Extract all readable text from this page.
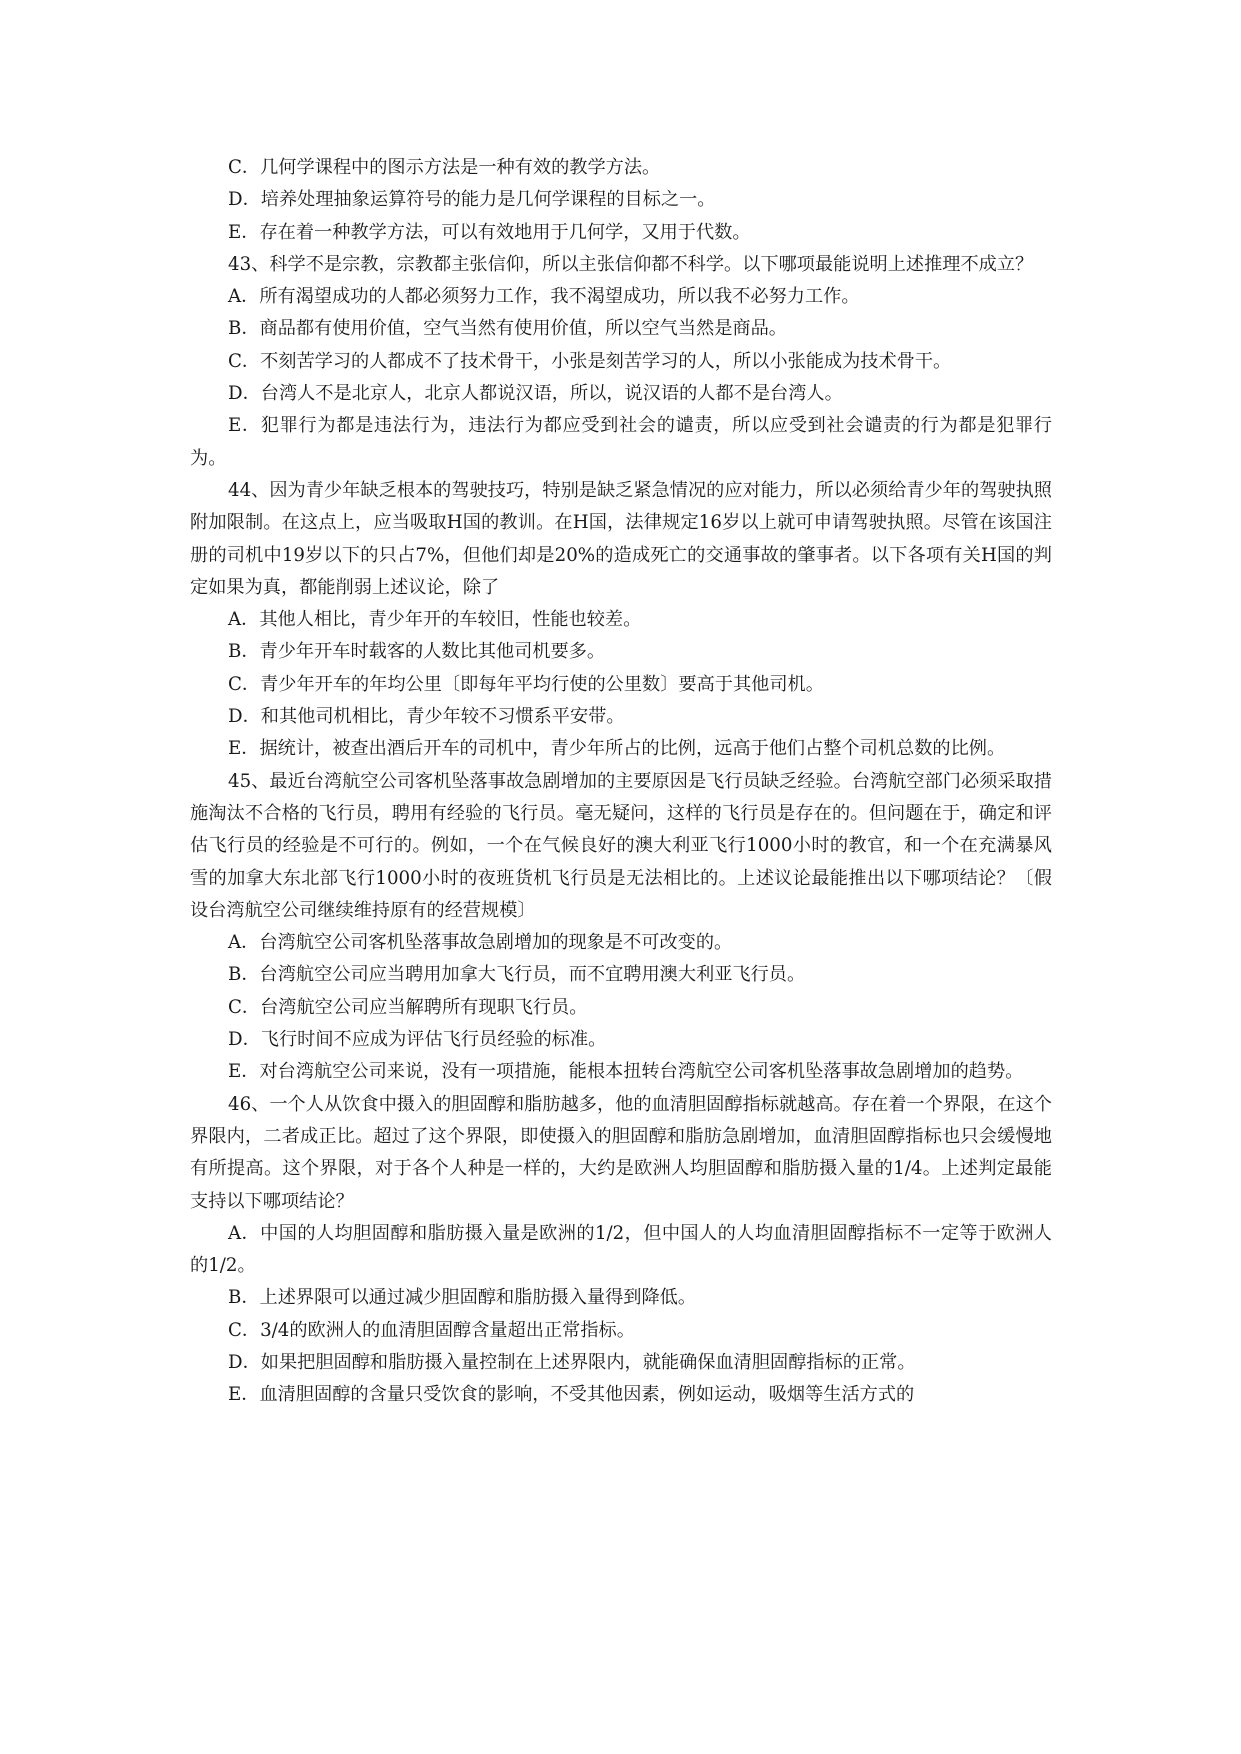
C．几何学课程中的图示方法是一种有效的教学方法。

D．培养处理抽象运算符号的能力是几何学课程的目标之一。

E．存在着一种教学方法，可以有效地用于几何学，又用于代数。

43、科学不是宗教，宗教都主张信仰，所以主张信仰都不科学。以下哪项最能说明上述推理不成立？

A．所有渴望成功的人都必须努力工作，我不渴望成功，所以我不必努力工作。

B．商品都有使用价值，空气当然有使用价值，所以空气当然是商品。

C．不刻苦学习的人都成不了技术骨干，小张是刻苦学习的人，所以小张能成为技术骨干。

D．台湾人不是北京人，北京人都说汉语，所以，说汉语的人都不是台湾人。

E．犯罪行为都是违法行为，违法行为都应受到社会的谴责，所以应受到社会谴责的行为都是犯罪行为。

44、因为青少年缺乏根本的驾驶技巧，特别是缺乏紧急情况的应对能力，所以必须给青少年的驾驶执照附加限制。在这点上，应当吸取H国的教训。在H国，法律规定16岁以上就可申请驾驶执照。尽管在该国注册的司机中19岁以下的只占7%，但他们却是20%的造成死亡的交通事故的肇事者。以下各项有关H国的判定如果为真，都能削弱上述议论，除了

A．其他人相比，青少年开的车较旧，性能也较差。

B．青少年开车时载客的人数比其他司机要多。

C．青少年开车的年均公里〔即每年平均行使的公里数〕要高于其他司机。

D．和其他司机相比，青少年较不习惯系平安带。

E．据统计，被查出酒后开车的司机中，青少年所占的比例，远高于他们占整个司机总数的比例。

45、最近台湾航空公司客机坠落事故急剧增加的主要原因是飞行员缺乏经验。台湾航空部门必须采取措施淘汰不合格的飞行员，聘用有经验的飞行员。毫无疑问，这样的飞行员是存在的。但问题在于，确定和评估飞行员的经验是不可行的。例如，一个在气候良好的澳大利亚飞行1000小时的教官，和一个在充满暴风雪的加拿大东北部飞行1000小时的夜班货机飞行员是无法相比的。上述议论最能推出以下哪项结论？〔假设台湾航空公司继续维持原有的经营规模〕

A．台湾航空公司客机坠落事故急剧增加的现象是不可改变的。

B．台湾航空公司应当聘用加拿大飞行员，而不宜聘用澳大利亚飞行员。

C．台湾航空公司应当解聘所有现职飞行员。

D．飞行时间不应成为评估飞行员经验的标准。

E．对台湾航空公司来说，没有一项措施，能根本扭转台湾航空公司客机坠落事故急剧增加的趋势。

46、一个人从饮食中摄入的胆固醇和脂肪越多，他的血清胆固醇指标就越高。存在着一个界限，在这个界限内，二者成正比。超过了这个界限，即使摄入的胆固醇和脂肪急剧增加，血清胆固醇指标也只会缓慢地有所提高。这个界限，对于各个人种是一样的，大约是欧洲人均胆固醇和脂肪摄入量的1/4。上述判定最能支持以下哪项结论？

A．中国的人均胆固醇和脂肪摄入量是欧洲的1/2，但中国人的人均血清胆固醇指标不一定等于欧洲人的1/2。

B．上述界限可以通过减少胆固醇和脂肪摄入量得到降低。

C．3/4的欧洲人的血清胆固醇含量超出正常指标。

D．如果把胆固醇和脂肪摄入量控制在上述界限内，就能确保血清胆固醇指标的正常。

E．血清胆固醇的含量只受饮食的影响，不受其他因素，例如运动，吸烟等生活方式的
